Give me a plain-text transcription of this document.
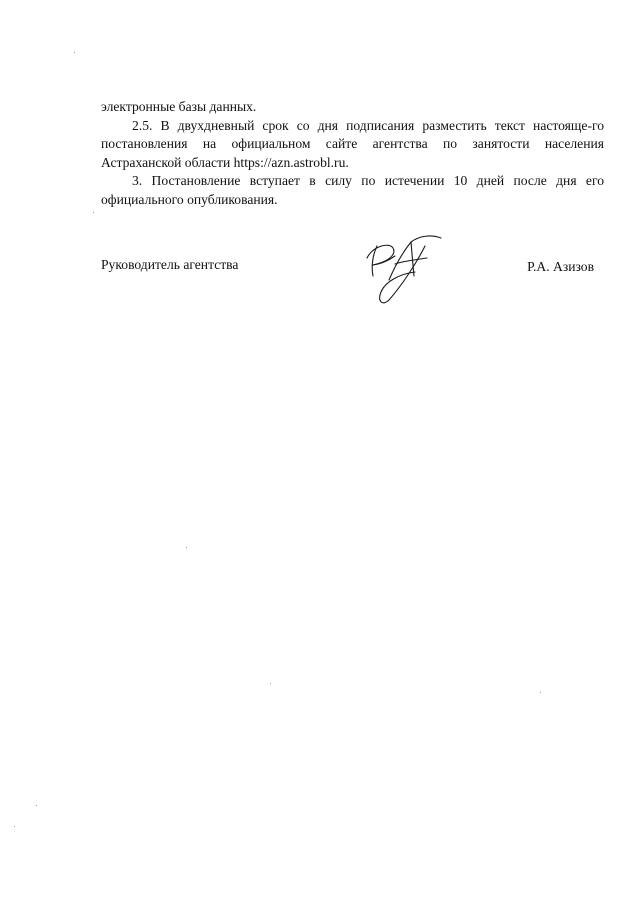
электронные базы данных.

2.5. В двухдневный срок со дня подписания разместить текст настояще-го постановления на официальном сайте агентства по занятости населения Астраханской области https://azn.astrobl.ru.

3. Постановление вступает в силу по истечении 10 дней после дня его официального опубликования.

Руководитель агентства	Р.А. Азизов
